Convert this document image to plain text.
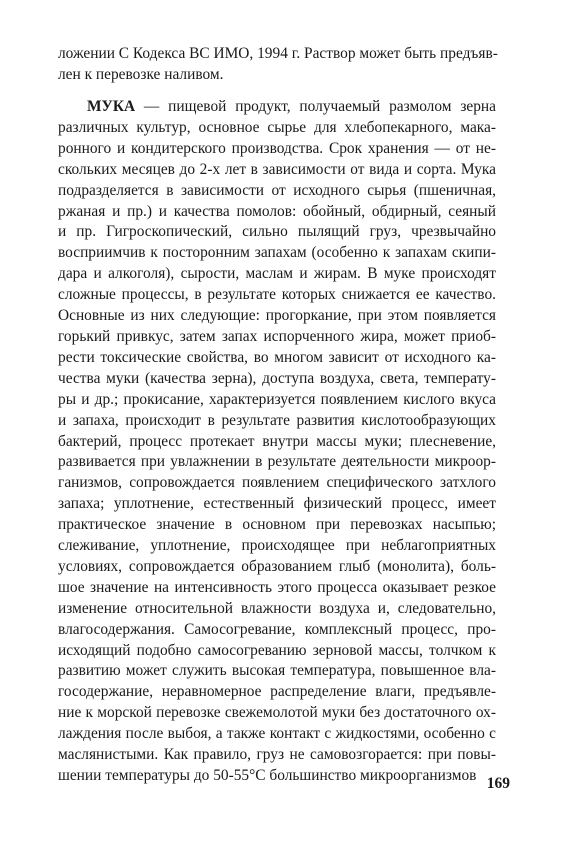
ложении С Кодекса ВС ИМО, 1994 г. Раствор может быть предъяв-
лен к перевозке наливом.
МУКА — пищевой продукт, получаемый размолом зерна
различных культур, основное сырье для хлебопекарного, мака-
ронного и кондитерского производства. Срок хранения — от не-
скольких месяцев до 2-х лет в зависимости от вида и сорта. Мука
подразделяется в зависимости от исходного сырья (пшеничная,
ржаная и пр.) и качества помолов: обойный, обдирный, сеяный
и пр. Гигроскопический, сильно пылящий груз, чрезвычайно
восприимчив к посторонним запахам (особенно к запахам скипи-
дара и алкоголя), сырости, маслам и жирам. В муке происходят
сложные процессы, в результате которых снижается ее качество.
Основные из них следующие: прогоркание, при этом появляется
горький привкус, затем запах испорченного жира, может приоб-
рести токсические свойства, во многом зависит от исходного ка-
чества муки (качества зерна), доступа воздуха, света, температу-
ры и др.; прокисание, характеризуется появлением кислого вкуса
и запаха, происходит в результате развития кислотообразующих
бактерий, процесс протекает внутри массы муки; плесневение,
развивается при увлажнении в результате деятельности микроор-
ганизмов, сопровождается появлением специфического затхлого
запаха; уплотнение, естественный физический процесс, имеет
практическое значение в основном при перевозках насыпью;
слеживание, уплотнение, происходящее при неблагоприятных
условиях, сопровождается образованием глыб (монолита), боль-
шое значение на интенсивность этого процесса оказывает резкое
изменение относительной влажности воздуха и, следовательно,
влагосодержания. Самосогревание, комплексный процесс, про-
исходящий подобно самосогреванию зерновой массы, толчком к
развитию может служить высокая температура, повышенное вла-
госодержание, неравномерное распределение влаги, предъявле-
ние к морской перевозке свежемолотой муки без достаточного ох-
лаждения после выбоя, а также контакт с жидкостями, особенно с
маслянистыми. Как правило, груз не самовозгорается: при повы-
шении температуры до 50-55°С большинство микроорганизмов 169
